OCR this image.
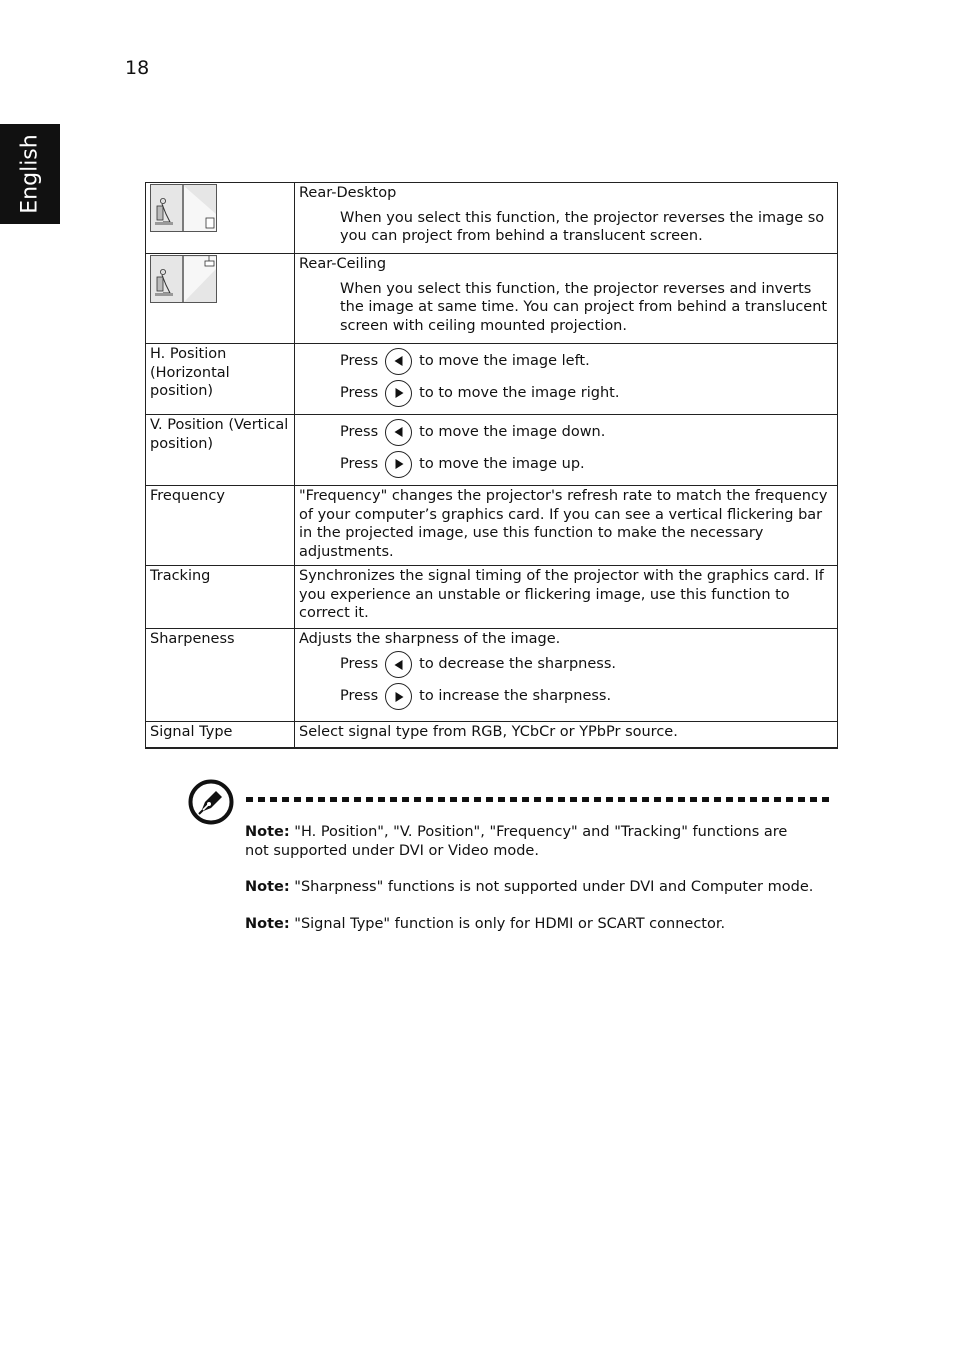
18
English
		Rear-Desktop
When you select this function, the projector reverses the image so you can project from behind a translucent screen.

Rear-Ceiling
When you select this function, the projector reverses and inverts the image at same time. You can project from behind a translucent screen with ceiling mounted projection.

H. Position (Horizontal position)	Press to move the image left.
Press to to move the image right.

V. Position (Vertical position)	Press to move the image down.
Press to move the image up.

Frequency	"Frequency" changes the projector's refresh rate to match the frequency of your computer’s graphics card. If you can see a vertical flickering bar in the projected image, use this function to make the necessary adjustments.
Tracking	Synchronizes the signal timing of the projector with the graphics card. If you experience an unstable or flickering image, use this function to correct it.
Sharpeness	Adjusts the sharpness of the image.
Press to decrease the sharpness.
Press to increase the sharpness.

Signal Type	Select signal type from RGB, YCbCr or YPbPr source.
Note: "H. Position", "V. Position", "Frequency" and "Tracking" functions are not supported under DVI or Video mode.
Note: "Sharpness" functions is not supported under DVI and Computer mode.
Note: "Signal Type" function is only for HDMI or SCART connector.
